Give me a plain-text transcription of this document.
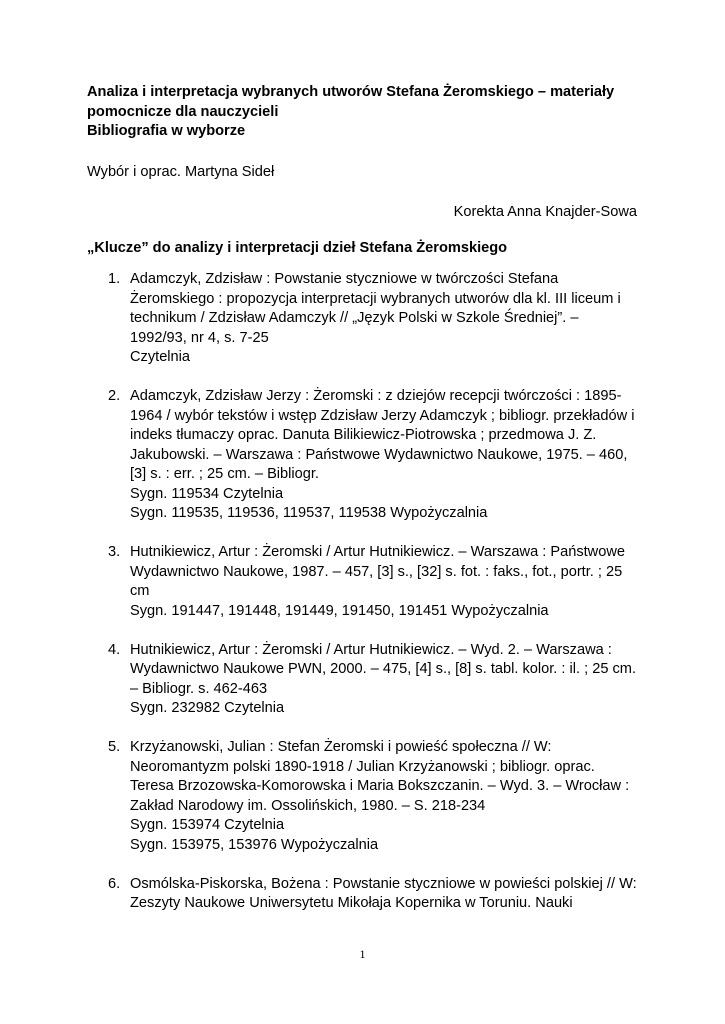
Analiza i interpretacja wybranych utworów Stefana Żeromskiego – materiały
pomocnicze dla nauczycieli
Bibliografia w wyborze
Wybór i oprac. Martyna Sideł
Korekta Anna Knajder-Sowa
„Klucze” do analizy i interpretacji dzieł Stefana Żeromskiego
1. Adamczyk, Zdzisław : Powstanie styczniowe w twórczości Stefana
Żeromskiego : propozycja interpretacji wybranych utworów dla kl. III liceum i
technikum / Zdzisław Adamczyk // „Język Polski w Szkole Średniej”. –
1992/93, nr 4, s. 7-25
Czytelnia
2. Adamczyk, Zdzisław Jerzy : Żeromski : z dziejów recepcji twórczości : 1895-
1964 / wybór tekstów i wstęp Zdzisław Jerzy Adamczyk ; bibliogr. przekładów i
indeks tłumaczy oprac. Danuta Bilikiewicz-Piotrowska ; przedmowa J. Z.
Jakubowski. – Warszawa : Państwowe Wydawnictwo Naukowe, 1975. – 460,
[3] s. : err. ; 25 cm. – Bibliogr.
Sygn. 119534 Czytelnia
Sygn. 119535, 119536, 119537, 119538 Wypożyczalnia
3. Hutnikiewicz, Artur : Żeromski / Artur Hutnikiewicz. – Warszawa : Państwowe
Wydawnictwo Naukowe, 1987. – 457, [3] s., [32] s. fot. : faks., fot., portr. ; 25
cm
Sygn. 191447, 191448, 191449, 191450, 191451 Wypożyczalnia
4. Hutnikiewicz, Artur : Żeromski / Artur Hutnikiewicz. – Wyd. 2. – Warszawa :
Wydawnictwo Naukowe PWN, 2000. – 475, [4] s., [8] s. tabl. kolor. : il. ; 25 cm.
– Bibliogr. s. 462-463
Sygn. 232982 Czytelnia
5. Krzyżanowski, Julian : Stefan Żeromski i powieść społeczna // W:
Neoromantyzm polski 1890-1918 / Julian Krzyżanowski ; bibliogr. oprac.
Teresa Brzozowska-Komorowska i Maria Bokszczanin. – Wyd. 3. – Wrocław :
Zakład Narodowy im. Ossolińskich, 1980. – S. 218-234
Sygn. 153974 Czytelnia
Sygn. 153975, 153976 Wypożyczalnia
6. Osmólska-Piskorska, Bożena : Powstanie styczniowe w powieści polskiej // W:
Zeszyty Naukowe Uniwersytetu Mikołaja Kopernika w Toruniu. Nauki
1
